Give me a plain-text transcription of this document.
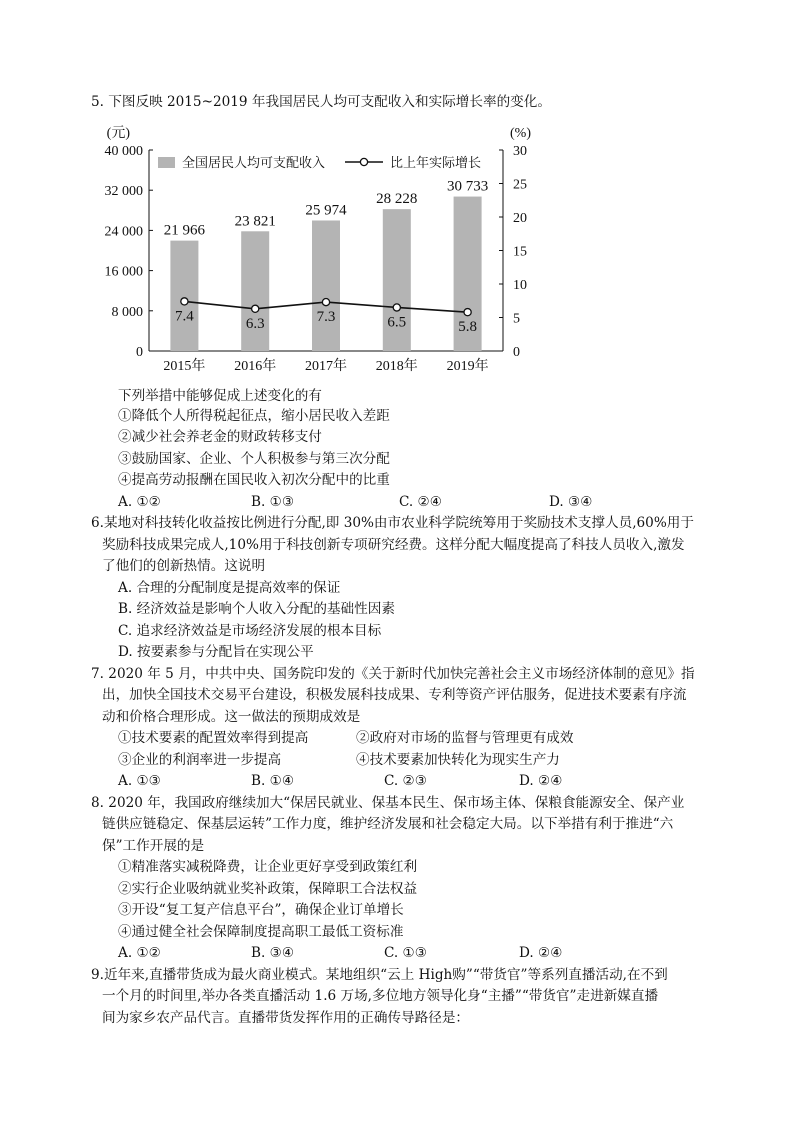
5. 下图反映 2015~2019 年我国居民人均可支配收入和实际增长率的变化。
(元)	(%)
0
8 000
16 000
24 000
32 000
40 000
0
5
10
15
20
25
30
21 966
23 821
25 974
28 228
30 733
7.4	6.3	7.3	6.5	5.8
2015年 2016年 2017年 2018年 2019年
全国居民人均可支配收入	比上年实际增长
下列举措中能够促成上述变化的有
①降低个人所得税起征点，缩小居民收入差距
②减少社会养老金的财政转移支付
③鼓励国家、企业、个人积极参与第三次分配
④提高劳动报酬在国民收入初次分配中的比重
A. ①②	B. ①③	C. ②④	D. ③④
6.某地对科技转化收益按比例进行分配,即 30%由市农业科学院统筹用于奖励技术支撑人员,60%用于
奖励科技成果完成人,10%用于科技创新专项研究经费。这样分配大幅度提高了科技人员收入,激发
了他们的创新热情。这说明
A. 合理的分配制度是提高效率的保证
B. 经济效益是影响个人收入分配的基础性因素
C. 追求经济效益是市场经济发展的根本目标
D. 按要素参与分配旨在实现公平
7. 2020 年 5 月，中共中央、国务院印发的《关于新时代加快完善社会主义市场经济体制的意见》指
出，加快全国技术交易平台建设，积极发展科技成果、专利等资产评估服务，促进技术要素有序流
动和价格合理形成。这一做法的预期成效是
①技术要素的配置效率得到提高	②政府对市场的监督与管理更有成效
③企业的利润率进一步提高	④技术要素加快转化为现实生产力
A. ①③	B. ①④	C. ②③	D. ②④
8. 2020 年，我国政府继续加大“保居民就业、保基本民生、保市场主体、保粮食能源安全、保产业
链供应链稳定、保基层运转”工作力度，维护经济发展和社会稳定大局。以下举措有利于推进“六
保”工作开展的是
①精准落实减税降费，让企业更好享受到政策红利
②实行企业吸纳就业奖补政策，保障职工合法权益
③开设“复工复产信息平台”，确保企业订单增长
④通过健全社会保障制度提高职工最低工资标准
A. ①②	B. ③④	C. ①③	D. ②④
9.近年来,直播带货成为最火商业模式。某地组织“云上 High购”“带货官”等系列直播活动,在不到
一个月的时间里,举办各类直播活动 1.6 万场,多位地方领导化身“主播”“带货官”走进新媒直播
间为家乡农产品代言。直播带货发挥作用的正确传导路径是：
